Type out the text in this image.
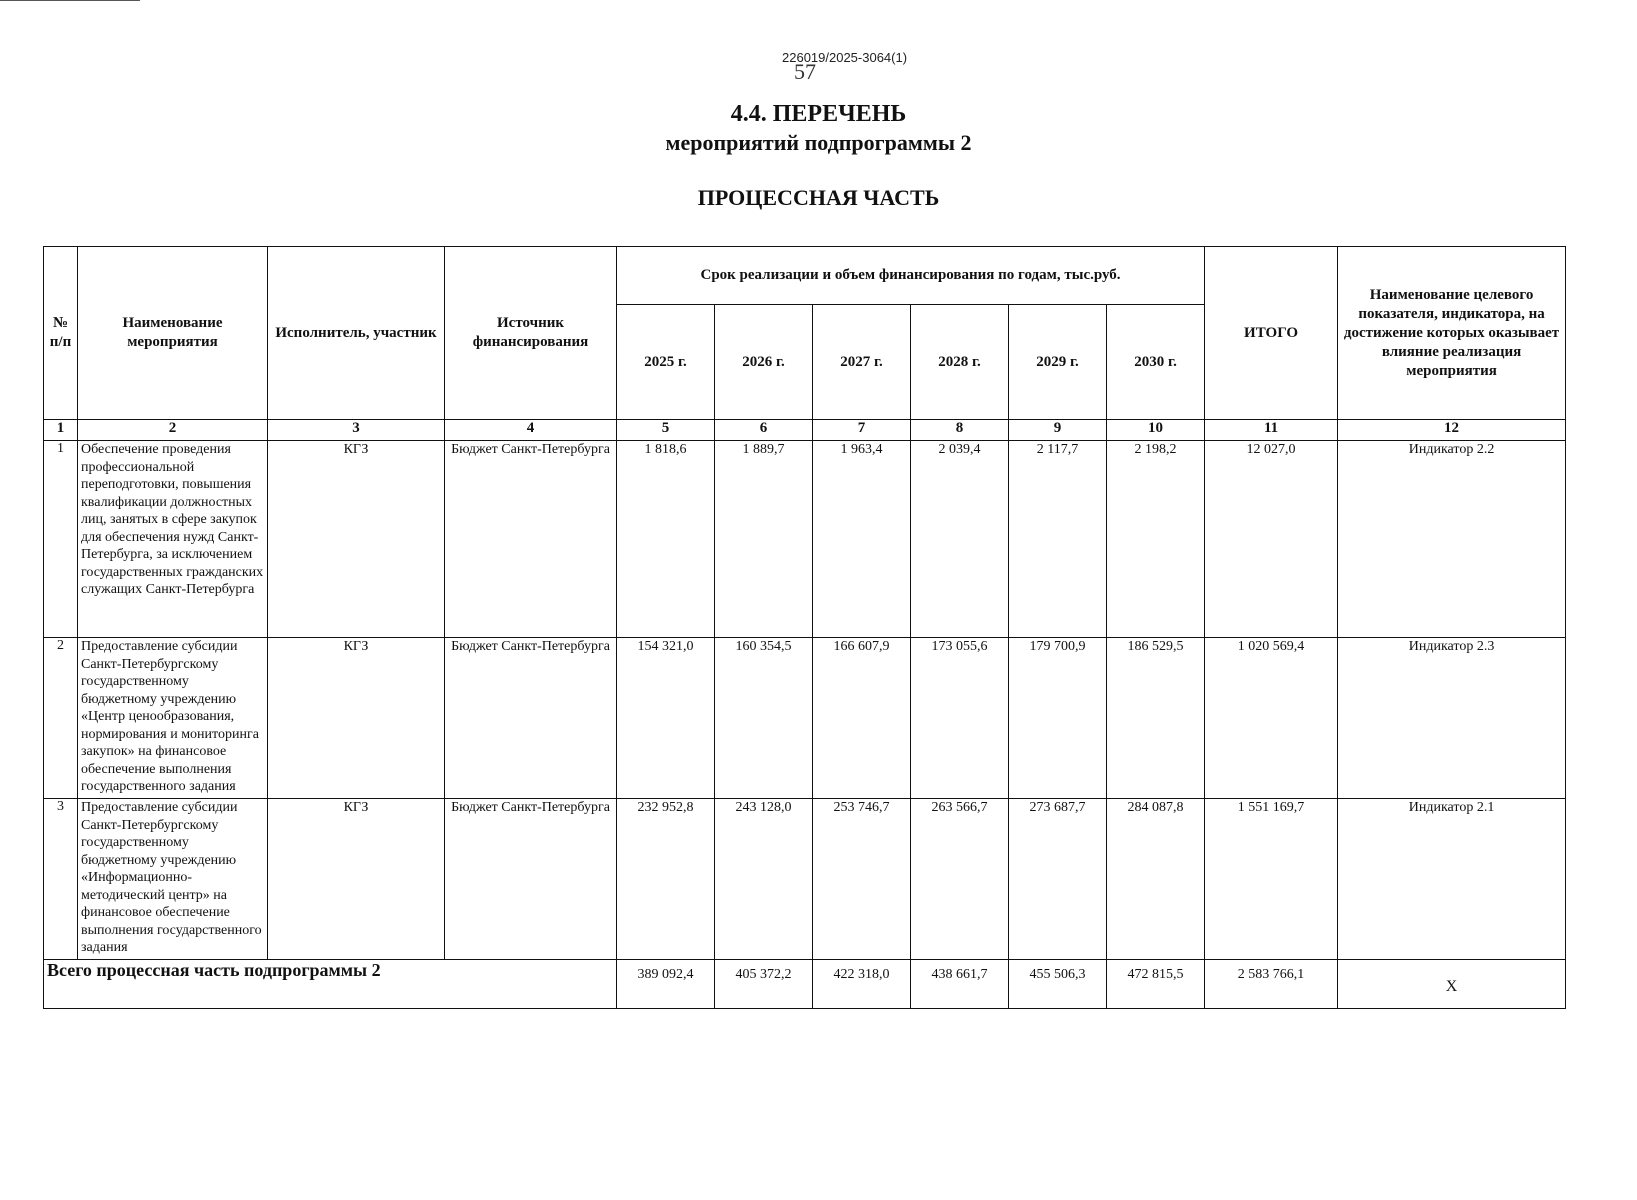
57
226019/2025-3064(1)
4.4. ПЕРЕЧЕНЬ
мероприятий подпрограммы 2
ПРОЦЕССНАЯ ЧАСТЬ
№ п/п	Наименование мероприятия	Исполнитель, участник	Источник финансирования	Срок реализации и объем финансирования по годам, тыс.руб.						ИТОГО	Наименование целевого показателя, индикатора, на достижение которых оказывает влияние реализация мероприятия
				2025 г.	2026 г.	2027 г.	2028 г.	2029 г.	2030 г.		
1	2	3	4	5	6	7	8	9	10	11	12
1	Обеспечение проведения профессиональной переподготовки, повышения квалификации должностных лиц, занятых в сфере закупок для обеспечения нужд Санкт-Петербурга, за исключением государственных гражданских служащих Санкт-Петербурга	КГЗ	Бюджет Санкт-Петербурга	1 818,6	1 889,7	1 963,4	2 039,4	2 117,7	2 198,2	12 027,0	Индикатор 2.2
2	Предоставление субсидии Санкт-Петербургскому государственному бюджетному учреждению «Центр ценообразования, нормирования и мониторинга закупок» на финансовое обеспечение выполнения государственного задания	КГЗ	Бюджет Санкт-Петербурга	154 321,0	160 354,5	166 607,9	173 055,6	179 700,9	186 529,5	1 020 569,4	Индикатор 2.3
3	Предоставление субсидии Санкт-Петербургскому государственному бюджетному учреждению «Информационно-методический центр» на финансовое обеспечение выполнения государственного задания	КГЗ	Бюджет Санкт-Петербурга	232 952,8	243 128,0	253 746,7	263 566,7	273 687,7	284 087,8	1 551 169,7	Индикатор 2.1
Всего процессная часть подпрограммы 2				389 092,4	405 372,2	422 318,0	438 661,7	455 506,3	472 815,5	2 583 766,1	Х
